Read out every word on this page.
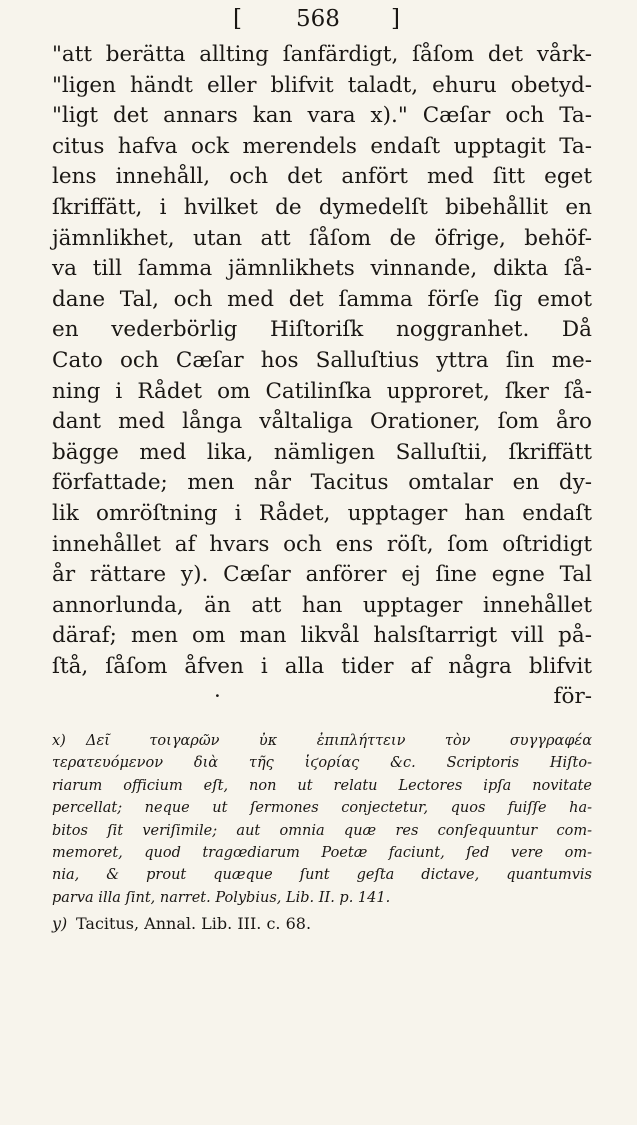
[ 568 ]
"att berätta allting ſanfärdigt, ſåſom det vårk-
"ligen händt eller blifvit taladt, ehuru obetyd-
"ligt det annars kan vara x)." Cæſar och Ta-
citus hafva ock merendels endaſt upptagit Ta-
lens innehåll, och det anfört med ſitt eget
ſkriffätt, i hvilket de dymedelſt bibehållit en
jämnlikhet, utan att ſåſom de öfrige, behöf-
va till ſamma jämnlikhets vinnande, dikta ſå-
dane Tal, och med det ſamma förſe ſig emot
en vederbörlig Hiſtoriſk noggranhet. Då
Cato och Cæſar hos Salluſtius yttra ſin me-
ning i Rådet om Catilinſka upproret, ſker ſå-
dant med långa våltaliga Orationer, ſom åro
bägge med lika, nämligen Salluſtii, ſkriffätt
författade; men når Tacitus omtalar en dy-
lik omröſtning i Rådet, upptager han endaſt
innehållet af hvars och ens röſt, ſom oſtridigt
år rättare y). Cæſar anförer ej ſine egne Tal
annorlunda, än att han upptager innehållet
däraf; men om man likvål halsſtarrigt vill på-
ſtå, ſåſom åfven i alla tider af några blifvit
·	för-
x) Δεῖ τοιγαρῶν ὐκ ἐπιπλήττειν τὸν συγγραφέα
τερατευόμενον διὰ τῆς ἱϛορίας &c. Scriptoris Hiſto-
riarum officium eſt, non ut relatu Lectores ipſa novitate
percellat; neque ut ſermones conjectetur, quos fuiſſe ha-
bitos ſit veriſimile; aut omnia quæ res conſequuntur com-
memoret, quod tragœdiarum Poetæ faciunt, ſed vere om-
nia, & prout quæque ſunt geſta dictave, quantumvis
parva illa ſint, narret. Polybius, Lib. II. p. 141.
y) Tacitus, Annal. Lib. III. c. 68.
